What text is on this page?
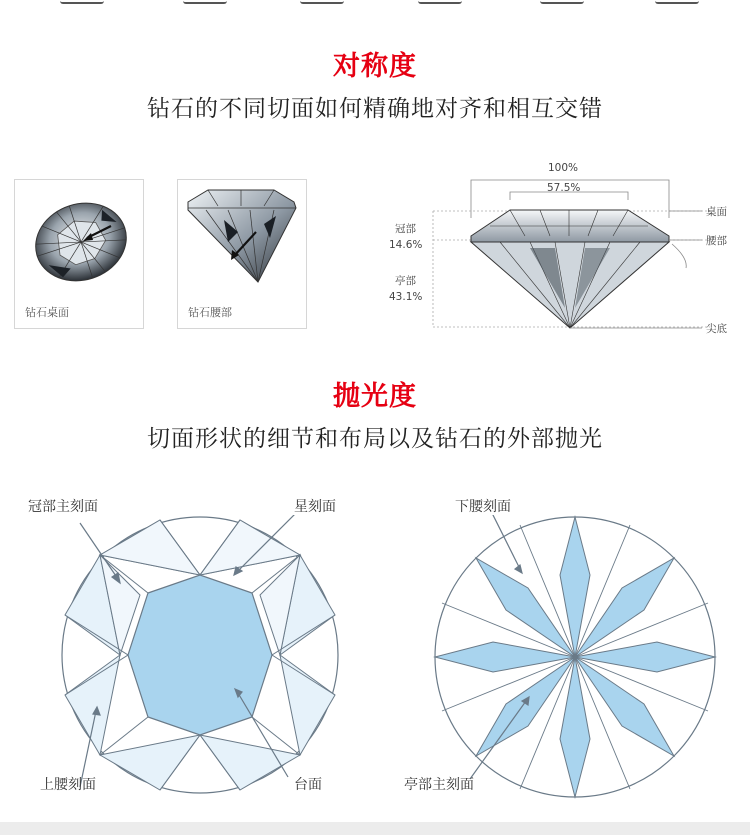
对称度
钻石的不同切面如何精确地对齐和相互交错
钻石桌面	钻石腰部
100%
57.5%
冠部
14.6%
亭部
43.1%
桌面
腰部
尖底
抛光度
切面形状的细节和布局以及钻石的外部抛光
冠部主刻面	星刻面
上腰刻面	台面
下腰刻面
亭部主刻面
